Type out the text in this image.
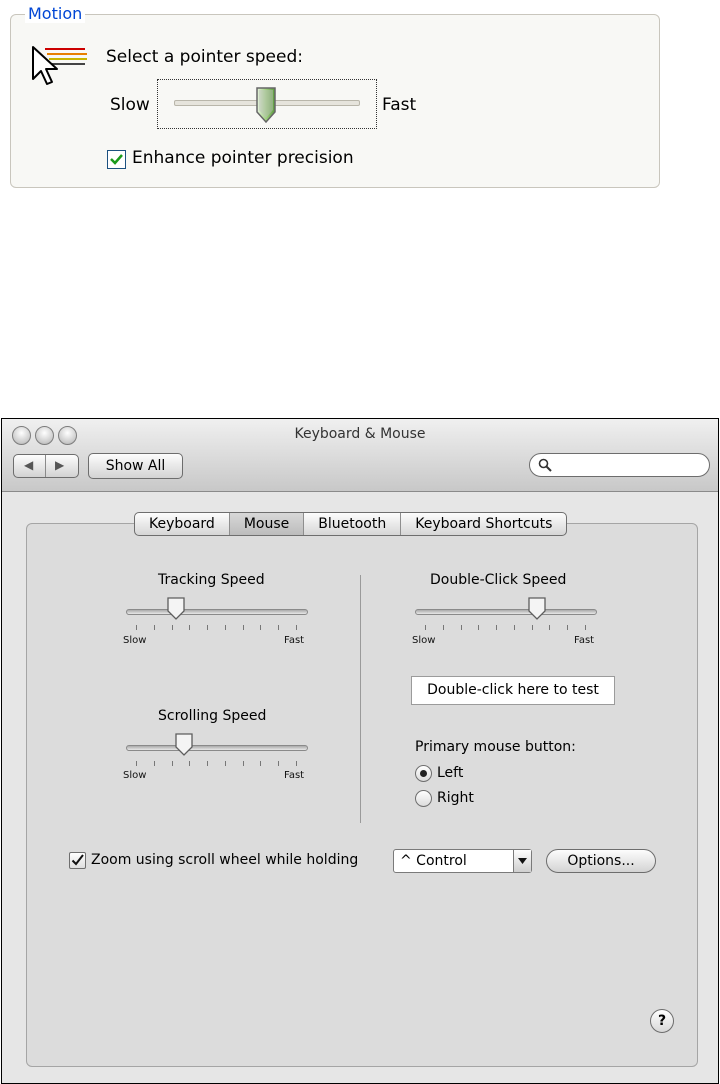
Motion
Select a pointer speed:
Slow	Fast
Enhance pointer precision
Keyboard & Mouse
◀ ▶	Show All
Keyboard	Mouse	Bluetooth	Keyboard Shortcuts
Tracking Speed
Slow	Fast
Scrolling Speed
Slow	Fast
Double-Click Speed
Slow	Fast
Double-click here to test
Primary mouse button:
Left
Right
Zoom using scroll wheel while holding	^ Control	Options...
?
